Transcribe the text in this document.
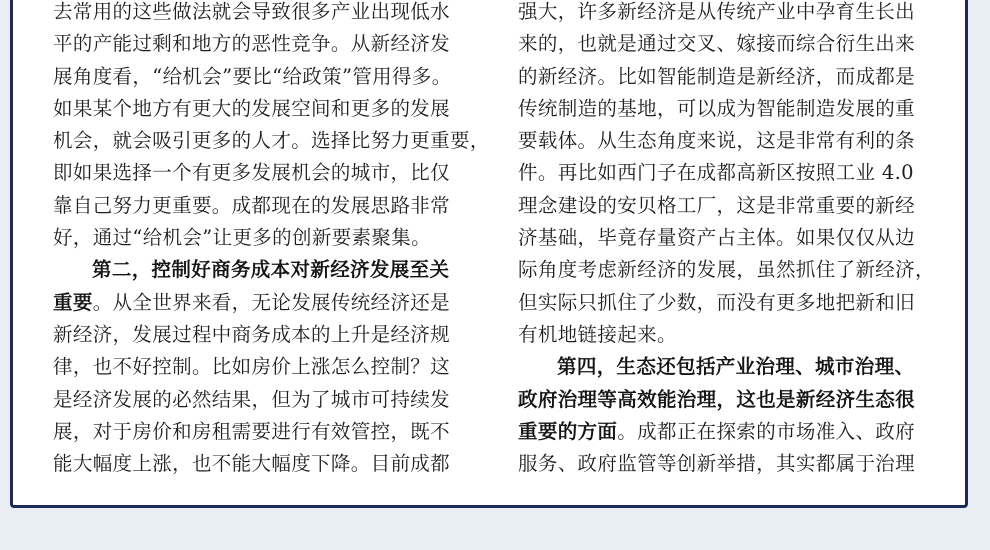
去常用的这些做法就会导致很多产业出现低水
平的产能过剩和地方的恶性竞争。从新经济发
展角度看，“给机会”要比“给政策”管用得多。
如果某个地方有更大的发展空间和更多的发展
机会，就会吸引更多的人才。选择比努力更重要，
即如果选择一个有更多发展机会的城市，比仅
靠自己努力更重要。成都现在的发展思路非常
好，通过“给机会”让更多的创新要素聚集。
第二，控制好商务成本对新经济发展至关
重要。从全世界来看，无论发展传统经济还是
新经济，发展过程中商务成本的上升是经济规
律，也不好控制。比如房价上涨怎么控制？这
是经济发展的必然结果，但为了城市可持续发
展，对于房价和房租需要进行有效管控，既不
能大幅度上涨，也不能大幅度下降。目前成都
强大，许多新经济是从传统产业中孕育生长出
来的，也就是通过交叉、嫁接而综合衍生出来
的新经济。比如智能制造是新经济，而成都是
传统制造的基地，可以成为智能制造发展的重
要载体。从生态角度来说，这是非常有利的条
件。再比如西门子在成都高新区按照工业 4.0
理念建设的安贝格工厂，这是非常重要的新经
济基础，毕竟存量资产占主体。如果仅仅从边
际角度考虑新经济的发展，虽然抓住了新经济，
但实际只抓住了少数，而没有更多地把新和旧
有机地链接起来。
第四，生态还包括产业治理、城市治理、
政府治理等高效能治理，这也是新经济生态很
重要的方面。成都正在探索的市场准入、政府
服务、政府监管等创新举措，其实都属于治理
